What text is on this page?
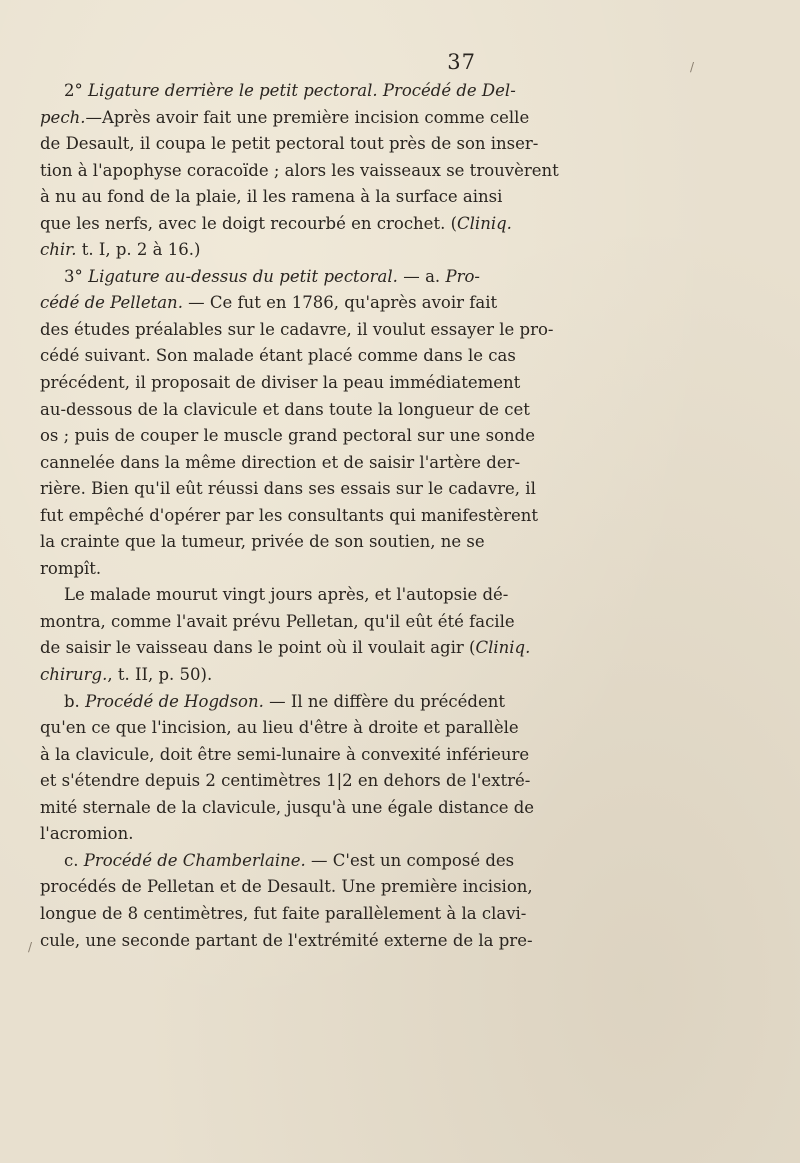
37
2° Ligature derrière le petit pectoral. Procédé de Del-
pech.—Après avoir fait une première incision comme celle
de Desault, il coupa le petit pectoral tout près de son inser-
tion à l'apophyse coracoïde ; alors les vaisseaux se trouvèrent
à nu au fond de la plaie, il les ramena à la surface ainsi
que les nerfs, avec le doigt recourbé en crochet. (Cliniq.
chir. t. I, p. 2 à 16.)
3° Ligature au-dessus du petit pectoral. — a. Pro-
cédé de Pelletan. — Ce fut en 1786, qu'après avoir fait
des études préalables sur le cadavre, il voulut essayer le pro-
cédé suivant. Son malade étant placé comme dans le cas
précédent, il proposait de diviser la peau immédiatement
au-dessous de la clavicule et dans toute la longueur de cet
os ; puis de couper le muscle grand pectoral sur une sonde
cannelée dans la même direction et de saisir l'artère der-
rière. Bien qu'il eût réussi dans ses essais sur le cadavre, il
fut empêché d'opérer par les consultants qui manifestèrent
la crainte que la tumeur, privée de son soutien, ne se
rompît.
Le malade mourut vingt jours après, et l'autopsie dé-
montra, comme l'avait prévu Pelletan, qu'il eût été facile
de saisir le vaisseau dans le point où il voulait agir (Cliniq.
chirurg., t. II, p. 50).
b. Procédé de Hogdson. — Il ne diffère du précédent
qu'en ce que l'incision, au lieu d'être à droite et parallèle
à la clavicule, doit être semi-lunaire à convexité inférieure
et s'étendre depuis 2 centimètres 1|2 en dehors de l'extré-
mité sternale de la clavicule, jusqu'à une égale distance de
l'acromion.
c. Procédé de Chamberlaine. — C'est un composé des
procédés de Pelletan et de Desault. Une première incision,
longue de 8 centimètres, fut faite parallèlement à la clavi-
cule, une seconde partant de l'extrémité externe de la pre-
/
/
